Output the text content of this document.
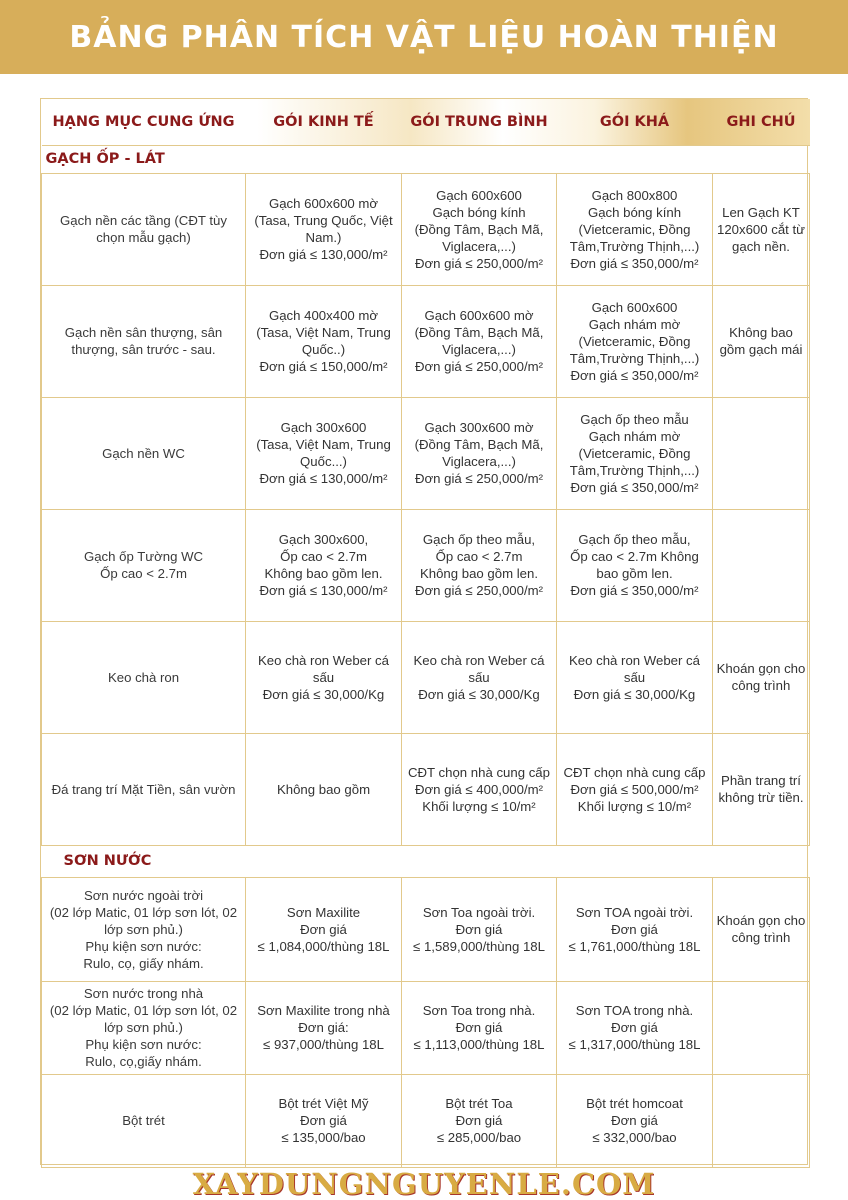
BẢNG PHÂN TÍCH VẬT LIỆU HOÀN THIỆN
HẠNG MỤC CUNG ỨNG	GÓI KINH TẾ	GÓI TRUNG BÌNH	GÓI KHÁ	GHI CHÚ
GẠCH ỐP - LÁT				

Gạch nền các tầng (CĐT tùy chọn mẫu gạch)	Gạch 600x600 mờ
(Tasa, Trung Quốc, Việt Nam.)
Đơn giá ≤ 130,000/m²	Gạch 600x600
Gạch bóng kính
(Đồng Tâm, Bạch Mã, Viglacera,...)
Đơn giá ≤ 250,000/m²	Gạch 800x800
Gạch bóng kính
(Vietceramic, Đồng Tâm,Trường Thịnh,...)
Đơn giá ≤ 350,000/m²	Len Gạch KT 120x600 cắt từ gạch nền.

Gạch nền sân thượng, sân thượng, sân trước - sau.	Gạch 400x400 mờ
(Tasa, Việt Nam, Trung Quốc..)
Đơn giá ≤ 150,000/m²	Gạch 600x600 mờ
(Đồng Tâm, Bạch Mã, Viglacera,...)
Đơn giá ≤ 250,000/m²	Gạch 600x600
Gạch nhám mờ
(Vietceramic, Đồng Tâm,Trường Thịnh,...)
Đơn giá ≤ 350,000/m²	Không bao gồm gạch mái

Gạch nền WC	Gạch 300x600
(Tasa, Việt Nam, Trung Quốc...)
Đơn giá ≤ 130,000/m²	Gạch 300x600 mờ
(Đồng Tâm, Bạch Mã, Viglacera,...)
Đơn giá ≤ 250,000/m²	Gạch ốp theo mẫu
Gạch nhám mờ
(Vietceramic, Đồng Tâm,Trường Thịnh,...)
Đơn giá ≤ 350,000/m²	

Gạch ốp Tường WC
Ốp cao < 2.7m	Gạch 300x600,
Ốp cao < 2.7m
Không bao gồm len.
Đơn giá ≤ 130,000/m²	Gạch ốp theo mẫu,
Ốp cao < 2.7m
Không bao gồm len.
Đơn giá ≤ 250,000/m²	Gạch ốp theo mẫu,
Ốp cao < 2.7m Không bao gồm len.
Đơn giá ≤ 350,000/m²	

Keo chà ron	Keo chà ron Weber cá sấu
Đơn giá ≤ 30,000/Kg	Keo chà ron Weber cá sấu
Đơn giá ≤ 30,000/Kg	Keo chà ron Weber cá sấu
Đơn giá ≤ 30,000/Kg	Khoán gọn cho công trình

Đá trang trí Mặt Tiền, sân vườn	Không bao gồm	CĐT chọn nhà cung cấp
Đơn giá ≤ 400,000/m²
Khối lượng ≤ 10/m²	CĐT chọn nhà cung cấp
Đơn giá ≤ 500,000/m²
Khối lượng ≤ 10/m²	Phần trang trí không trừ tiền.

SƠN NƯỚC				

Sơn nước ngoài trời
(02 lớp Matic, 01 lớp sơn lót, 02 lớp sơn phủ.)
Phụ kiện sơn nước:
Rulo, cọ, giấy nhám.	Sơn Maxilite
Đơn giá
≤ 1,084,000/thùng 18L	Sơn Toa ngoài trời.
Đơn giá
≤ 1,589,000/thùng 18L	Sơn TOA ngoài trời.
Đơn giá
≤ 1,761,000/thùng 18L	Khoán gọn cho công trình

Sơn nước trong nhà
(02 lớp Matic, 01 lớp sơn lót, 02 lớp sơn phủ.)
Phụ kiện sơn nước:
Rulo, cọ,giấy nhám.	Sơn Maxilite trong nhà
Đơn giá:
≤ 937,000/thùng 18L	Sơn Toa trong nhà.
Đơn giá
≤ 1,113,000/thùng 18L	Sơn TOA trong nhà.
Đơn giá
≤ 1,317,000/thùng 18L	

Bột trét	Bột trét Việt Mỹ
Đơn giá
≤ 135,000/bao	Bột trét Toa
Đơn giá
≤ 285,000/bao	Bột trét homcoat
Đơn giá
≤ 332,000/bao	

XAYDUNGNGUYENLE.COM
